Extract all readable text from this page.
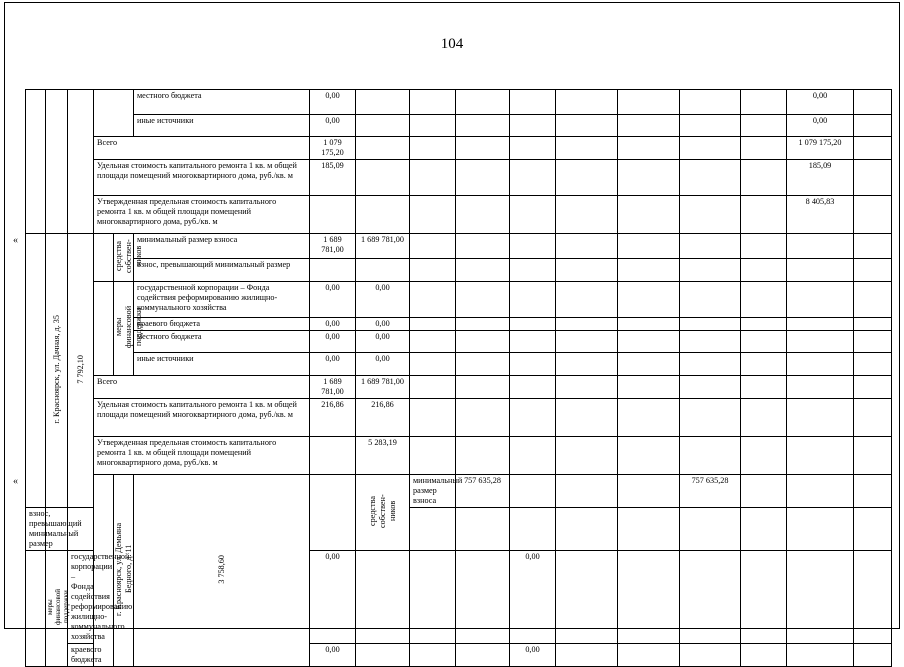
104
«
«
					местного бюджета	0,00									0,00		
					иные источники	0,00									0,00		
			Всего			1 079 175,20									1 079 175,20		
			Удельная стоимость капитального ремонта 1 кв. м общей площади помещений многоквартирного дома, руб./кв. м			185,09									185,09		
			Утвержденная предельная стоимость капитального ремонта 1 кв. м общей площади помещений многоквартирного дома, руб./кв. м												8 405,83		
	г. Красноярск, ул. Дачная, д. 35	7 792,10		средства собствен-ников	минимальный размер взноса	1 689 781,00	1 689 781,00										
					взнос, превышающий минимальный размер												
				меры финансовой поддержки	государственной корпорации – Фонда содействия реформированию жилищно-коммунального хозяйства	0,00	0,00										
					краевого бюджета	0,00	0,00										
					местного бюджета	0,00	0,00										
					иные источники	0,00	0,00										
			Всего			1 689 781,00	1 689 781,00										
			Удельная стоимость капитального ремонта 1 кв. м общей площади помещений многоквартирного дома, руб./кв. м			216,86	216,86										
			Утвержденная предельная стоимость капитального ремонта 1 кв. м общей площади помещений многоквартирного дома, руб./кв. м				5 283,19										
				г. Красноярск, ул. Демьяна Бедного, д. 11	3 758,60		средства собствен-ников	минимальный размер взноса	757 635,28				757 635,28						
взнос, превышающий минимальный размер																	
	меры финансовой поддержки	государственной корпорации – Фонда содействия реформированию жилищно-коммунального хозяйства				0,00				0,00							
		краевого бюджета				0,00				0,00							
